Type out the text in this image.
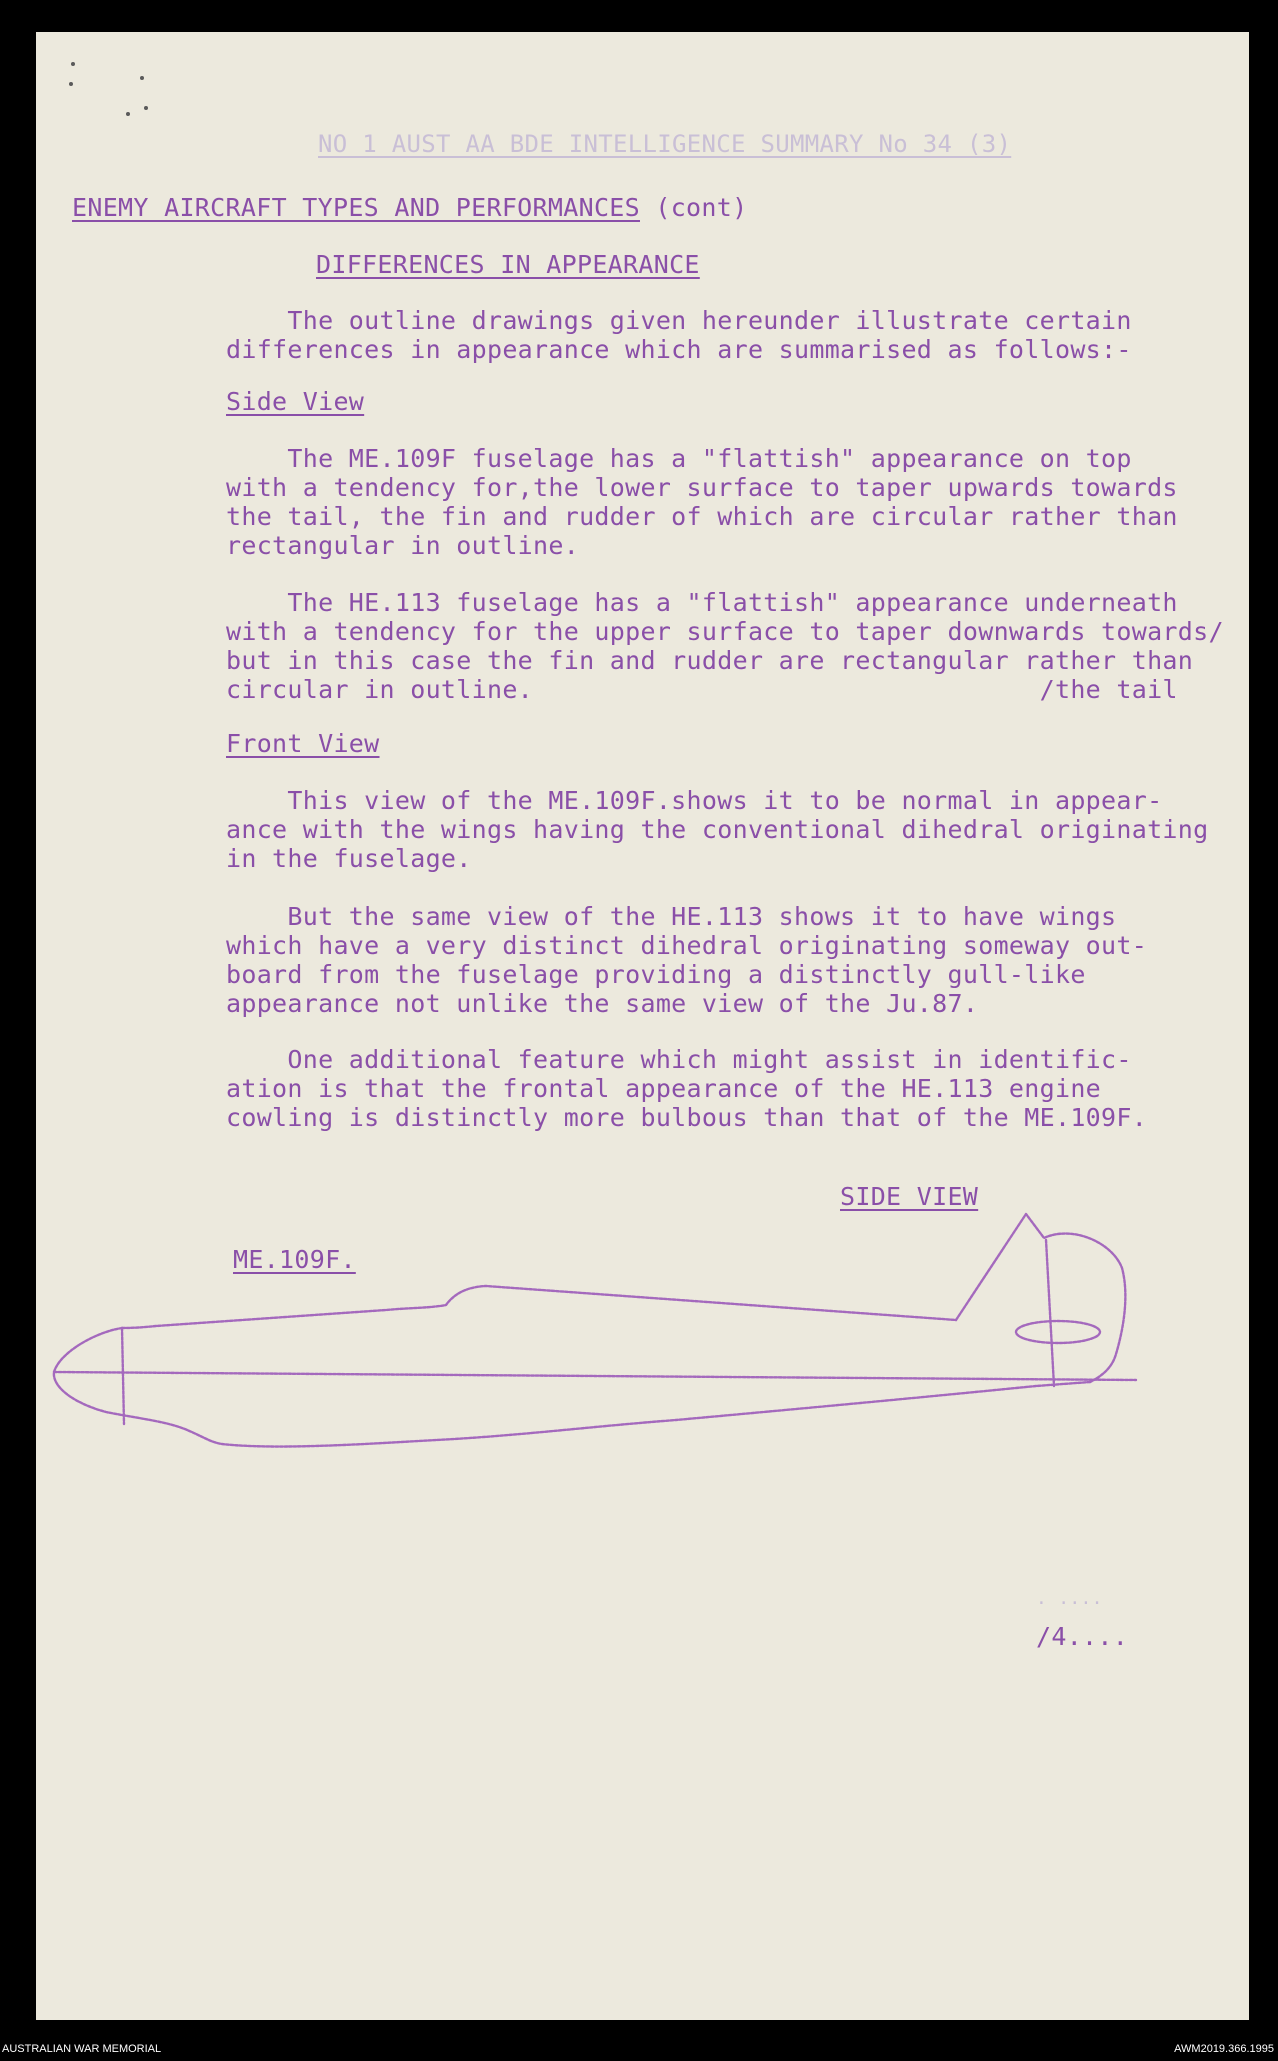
NO 1 AUST AA BDE INTELLIGENCE SUMMARY No 34 (3)
ENEMY AIRCRAFT TYPES AND PERFORMANCES (cont)
DIFFERENCES IN APPEARANCE
The outline drawings given hereunder illustrate certain
differences in appearance which are summarised as follows:-
Side View
The ME.109F fuselage has a "flattish" appearance on top
with a tendency for,the lower surface to taper upwards towards
the tail, the fin and rudder of which are circular rather than
rectangular in outline.
The HE.113 fuselage has a "flattish" appearance underneath
with a tendency for the upper surface to taper downwards towards/
but in this case the fin and rudder are rectangular rather than
circular in outline.                                 /the tail
Front View
This view of the ME.109F.shows it to be normal in appear-
ance with the wings having the conventional dihedral originating
in the fuselage.
But the same view of the HE.113 shows it to have wings
which have a very distinct dihedral originating someway out-
board from the fuselage providing a distinctly gull-like
appearance not unlike the same view of the Ju.87.
One additional feature which might assist in identific-
ation is that the frontal appearance of the HE.113 engine
cowling is distinctly more bulbous than that of the ME.109F.
SIDE VIEW
ME.109F.
. ....
/4....
AUSTRALIAN WAR MEMORIAL	AWM2019.366.1995
